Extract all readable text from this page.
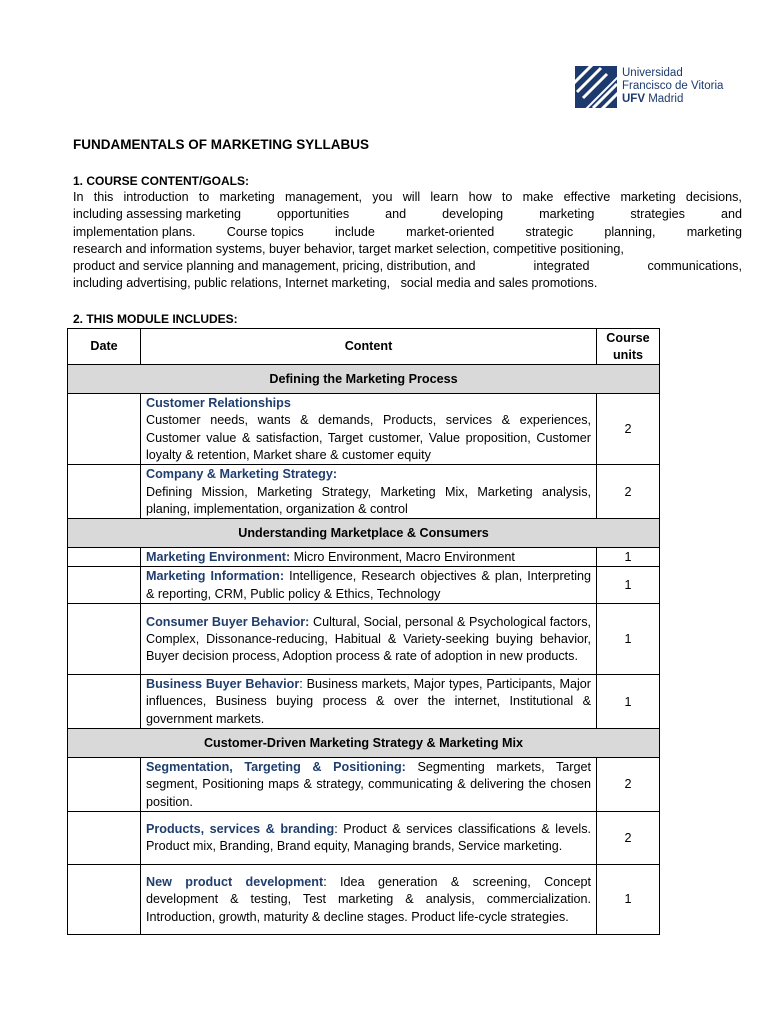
Universidad
Francisco de Vitoria
UFV Madrid
FUNDAMENTALS OF MARKETING SYLLABUS
1. COURSE CONTENT/GOALS:
In this introduction to marketing management, you will learn how to make effective marketing decisions,
including assessing marketing	opportunities	and	developing	marketing	strategies	and
implementation plans. Course topics include market-oriented strategic planning, marketing
research and information systems, buyer behavior, target market selection, competitive positioning,
product and service planning and management, pricing, distribution, and	integrated	communications,
including advertising, public relations, Internet marketing,   social media and sales promotions.
2. THIS MODULE INCLUDES:
Date	Content	Course
units

Defining the Marketing Process		
	Customer Relationships
Customer needs, wants & demands, Products, services & experiences, Customer value & satisfaction, Target customer, Value proposition, Customer loyalty & retention, Market share & customer equity	2
	Company & Marketing Strategy:
Defining Mission, Marketing Strategy, Marketing Mix, Marketing analysis, planing, implementation, organization & control	2
Understanding Marketplace & Consumers		
	Marketing Environment: Micro Environment, Macro Environment	1
	Marketing Information: Intelligence, Research objectives & plan, Interpreting & reporting, CRM, Public policy & Ethics, Technology	1
	Consumer Buyer Behavior: Cultural, Social, personal & Psychological factors, Complex, Dissonance-reducing, Habitual & Variety-seeking buying behavior, Buyer decision process, Adoption process & rate of adoption in new products.	1
	Business Buyer Behavior: Business markets, Major types, Participants, Major influences, Business buying process & over the internet, Institutional & government markets.	1
Customer-Driven Marketing Strategy & Marketing Mix		
	Segmentation, Targeting & Positioning: Segmenting markets, Target segment, Positioning maps & strategy, communicating & delivering the chosen position.	2
	Products, services & branding: Product & services classifications & levels. Product mix, Branding, Brand equity, Managing brands, Service marketing.	2
	New product development: Idea generation & screening, Concept development & testing, Test marketing & analysis, commercialization. Introduction, growth, maturity & decline stages. Product life-cycle strategies.	1
